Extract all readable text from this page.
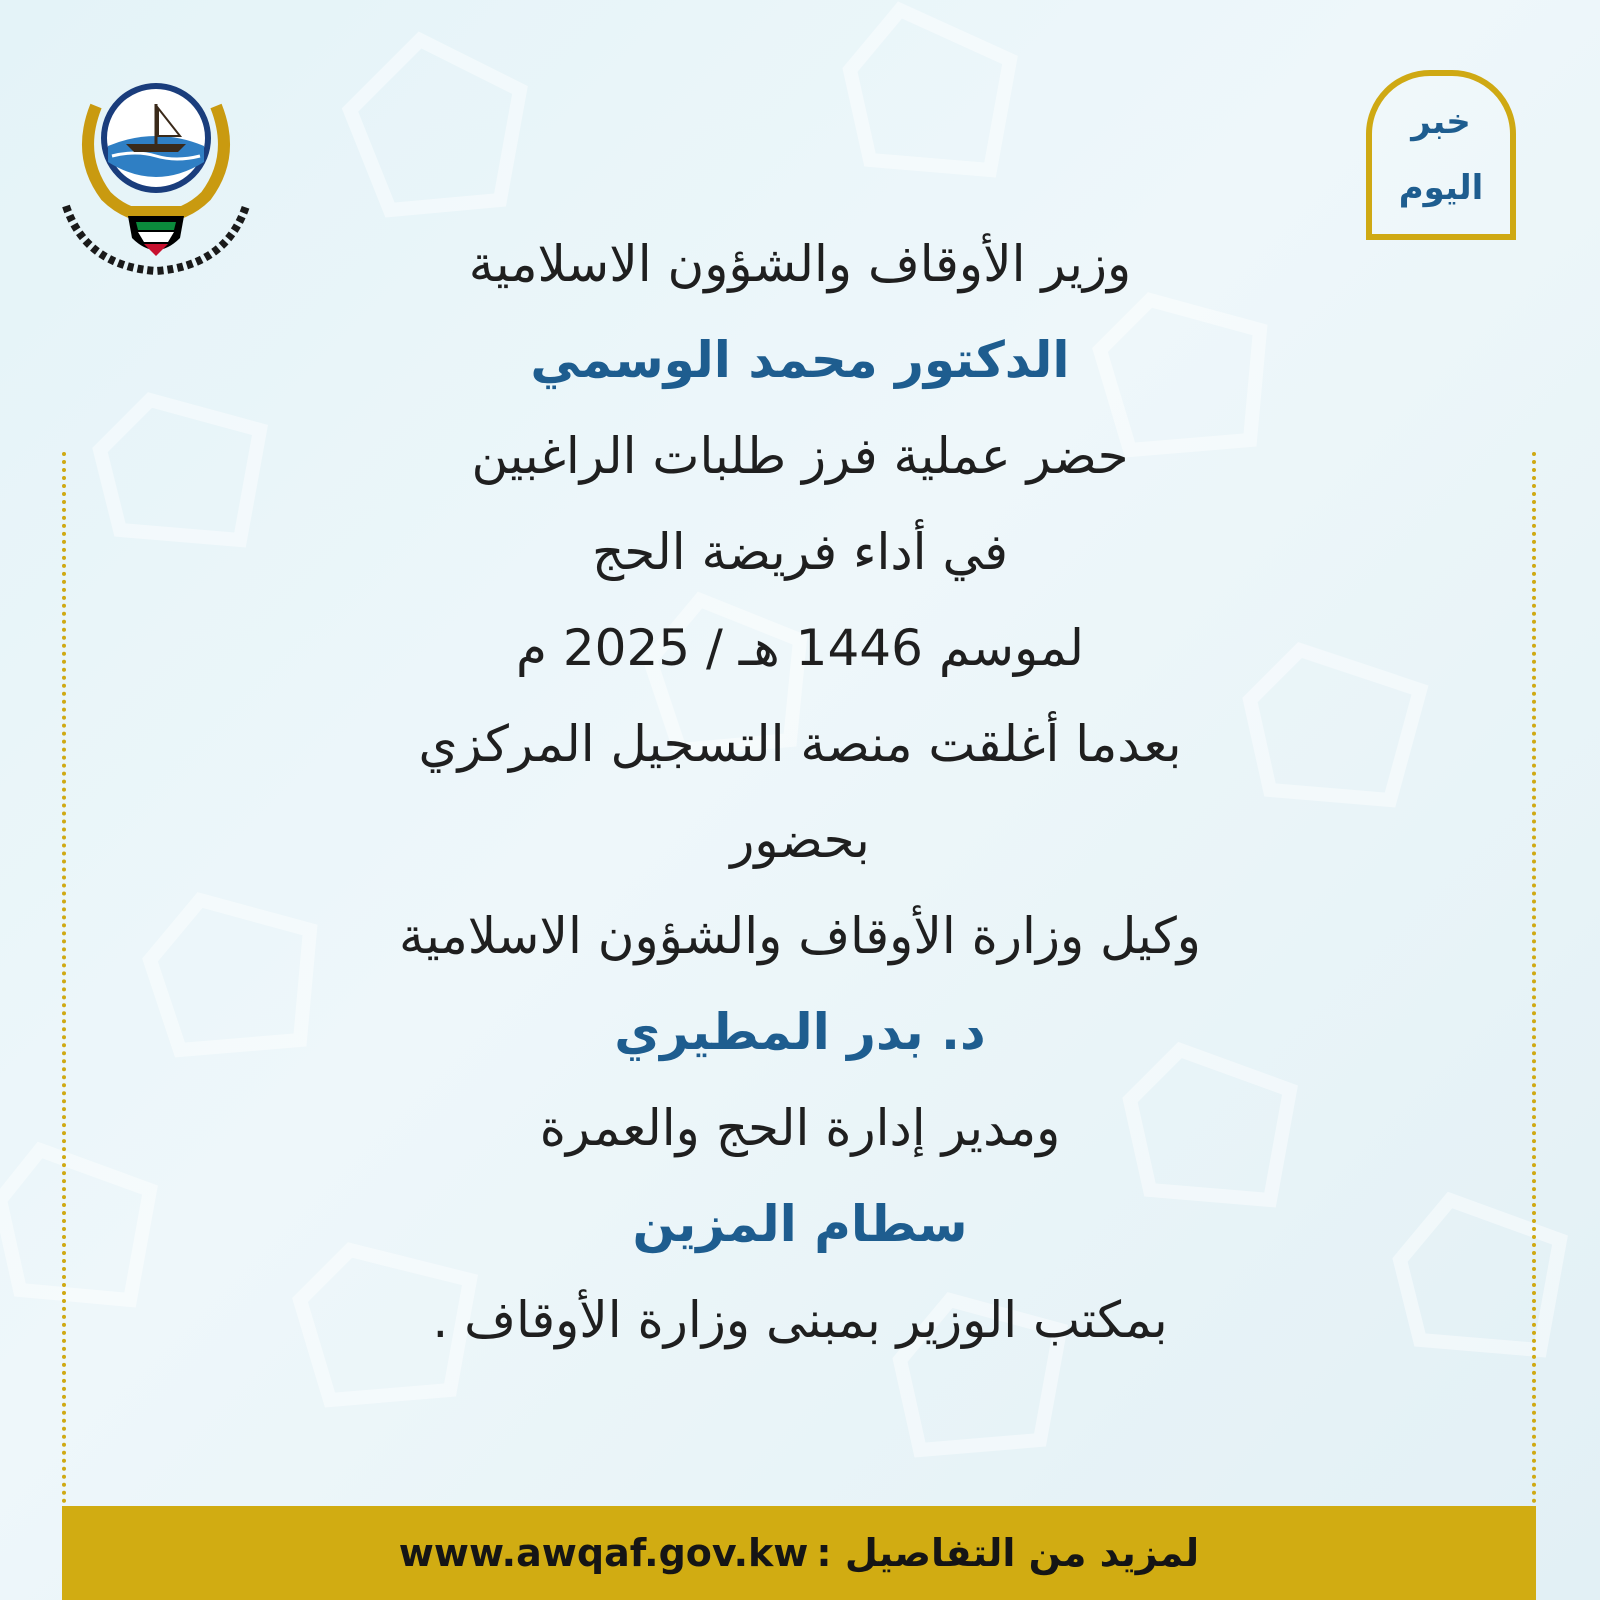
خبر
اليوم
وزير الأوقاف والشؤون الاسلامية
الدكتور محمد الوسمي
حضر عملية فرز طلبات الراغبين
في أداء فريضة الحج
لموسم 1446 هـ / 2025 م
بعدما أغلقت منصة التسجيل المركزي
بحضور
وكيل وزارة الأوقاف والشؤون الاسلامية
د. بدر المطيري
ومدير إدارة الحج والعمرة
سطام المزين
بمكتب الوزير بمبنى وزارة الأوقاف .
لمزيد من التفاصيل :
www.awqaf.gov.kw
